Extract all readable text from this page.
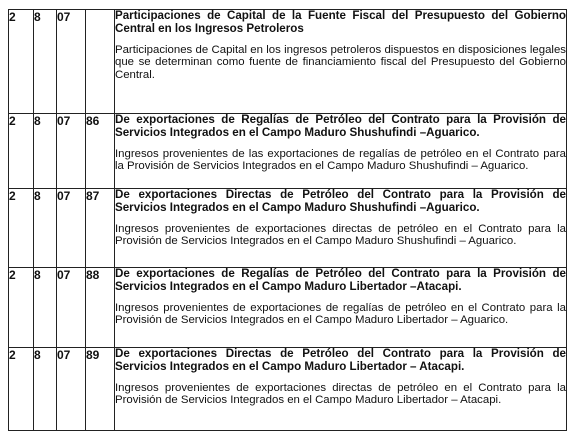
2	8	07		Participaciones de Capital de la Fuente Fiscal del Presupuesto del Gobierno Central en los Ingresos Petroleros

Participaciones de Capital en los ingresos petroleros dispuestos en disposiciones legales que se determinan como fuente de financiamiento fiscal del Presupuesto del Gobierno Central.

2	8	07	86	De exportaciones de Regalías de Petróleo del Contrato para la Provisión de Servicios Integrados en el Campo Maduro Shushufindi –Aguarico.

Ingresos provenientes de las exportaciones de regalías de petróleo en el Contrato para la Provisión de Servicios Integrados en el Campo Maduro Shushufindi – Aguarico.

2	8	07	87	De exportaciones Directas de Petróleo del Contrato para la Provisión de Servicios Integrados en el Campo Maduro Shushufindi –Aguarico.

Ingresos provenientes de exportaciones directas de petróleo en el Contrato para la Provisión de Servicios Integrados en el Campo Maduro Shushufindi – Aguarico.

2	8	07	88	De exportaciones de Regalías de Petróleo del Contrato para la Provisión de Servicios Integrados en el Campo Maduro Libertador –Atacapi.

Ingresos provenientes de exportaciones de regalías de petróleo en el Contrato para la Provisión de Servicios Integrados en el Campo Maduro Libertador – Aguarico.

2	8	07	89	De exportaciones Directas de Petróleo del Contrato para la Provisión de Servicios Integrados en el Campo Maduro Libertador – Atacapi.

Ingresos provenientes de exportaciones directas de petróleo en el Contrato para la Provisión de Servicios Integrados en el Campo Maduro Libertador – Atacapi.
